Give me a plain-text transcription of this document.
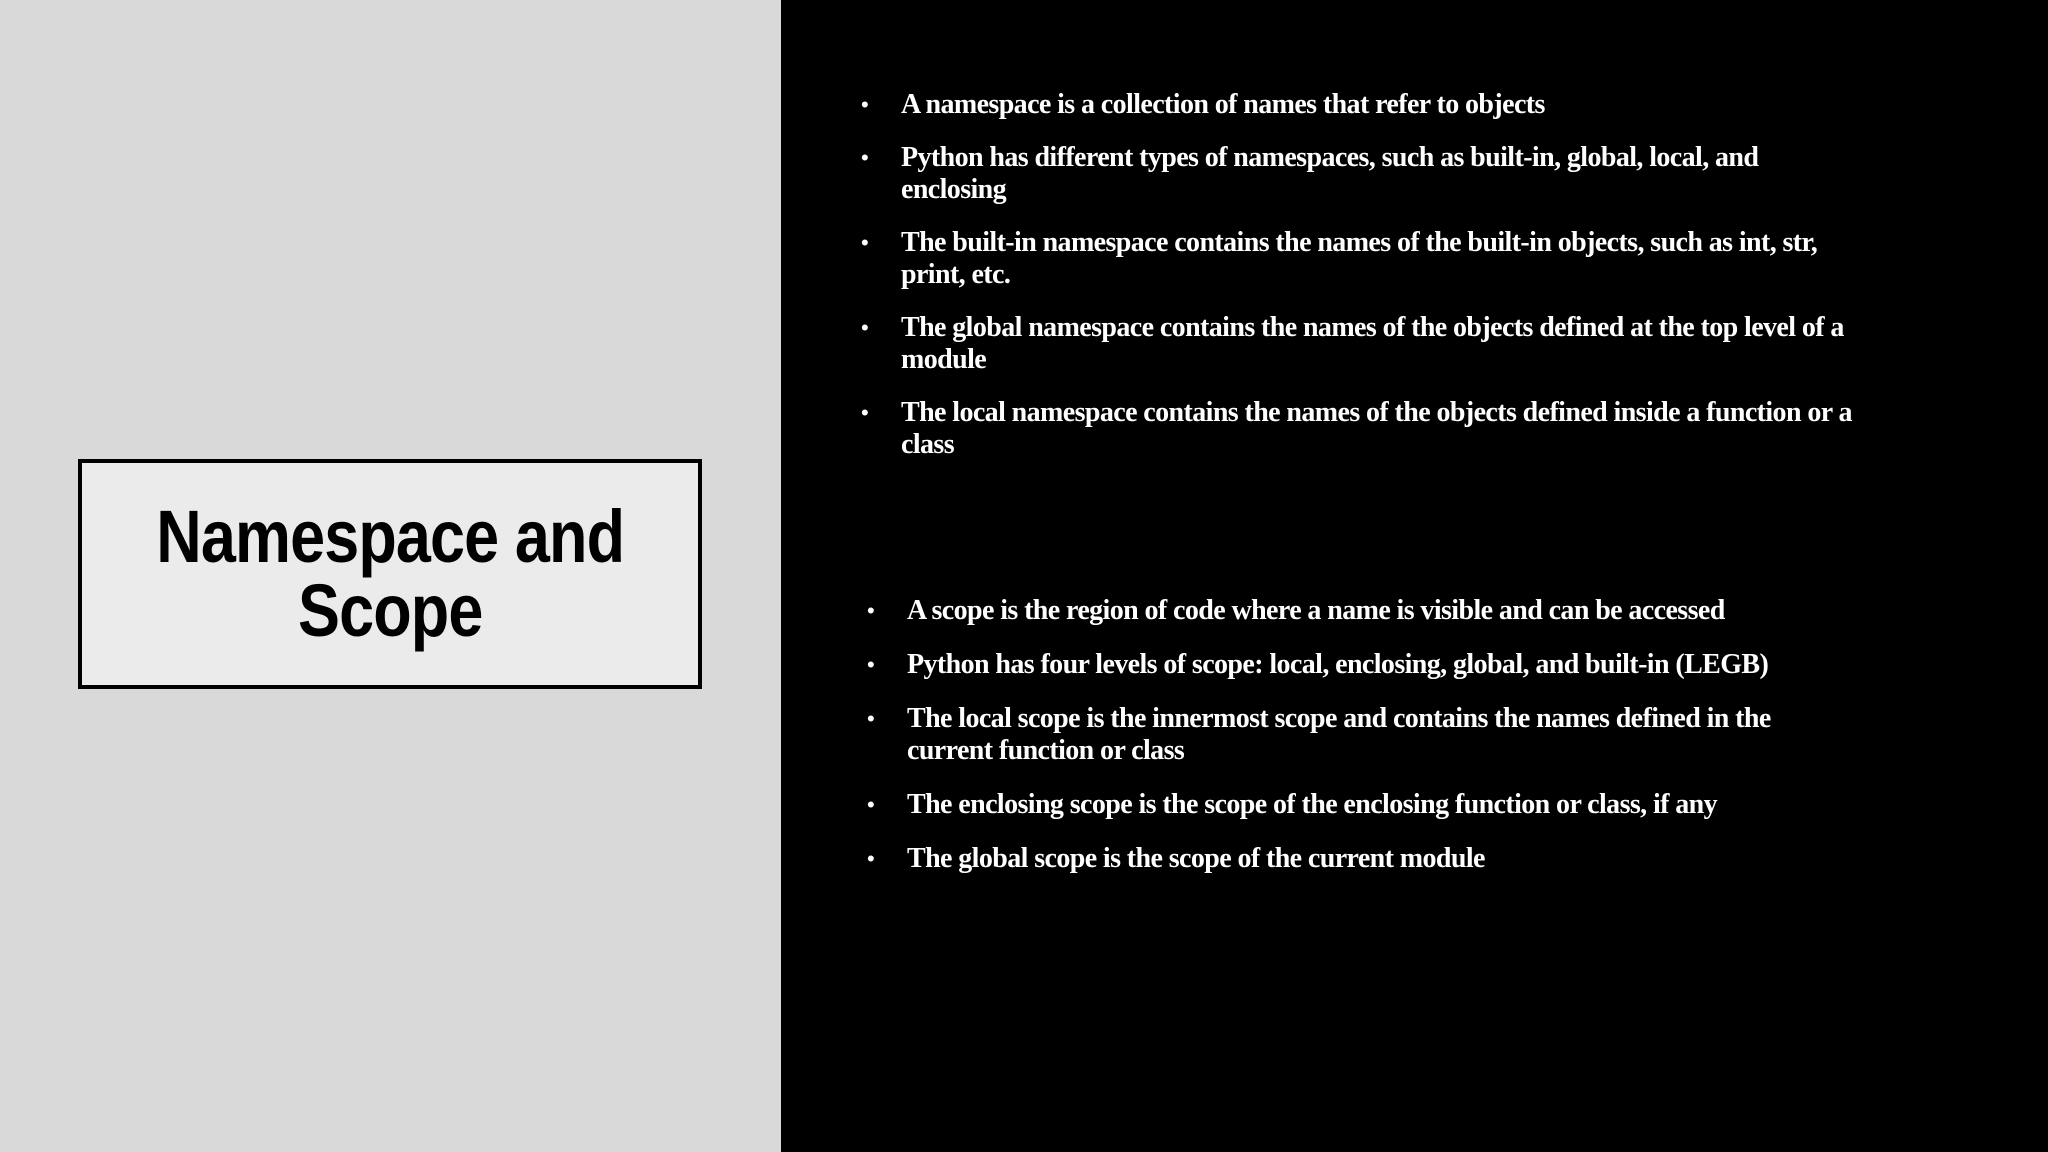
Namespace and
Scope
• A namespace is a collection of names that refer to objects
• Python has different types of namespaces, such as built-in, global, local, and enclosing
• The built-in namespace contains the names of the built-in objects, such as int, str, print, etc.
• The global namespace contains the names of the objects defined at the top level of a module
• The local namespace contains the names of the objects defined inside a function or a class
• A scope is the region of code where a name is visible and can be accessed
• Python has four levels of scope: local, enclosing, global, and built-in (LEGB)
• The local scope is the innermost scope and contains the names defined in the current function or class
• The enclosing scope is the scope of the enclosing function or class, if any
• The global scope is the scope of the current module
